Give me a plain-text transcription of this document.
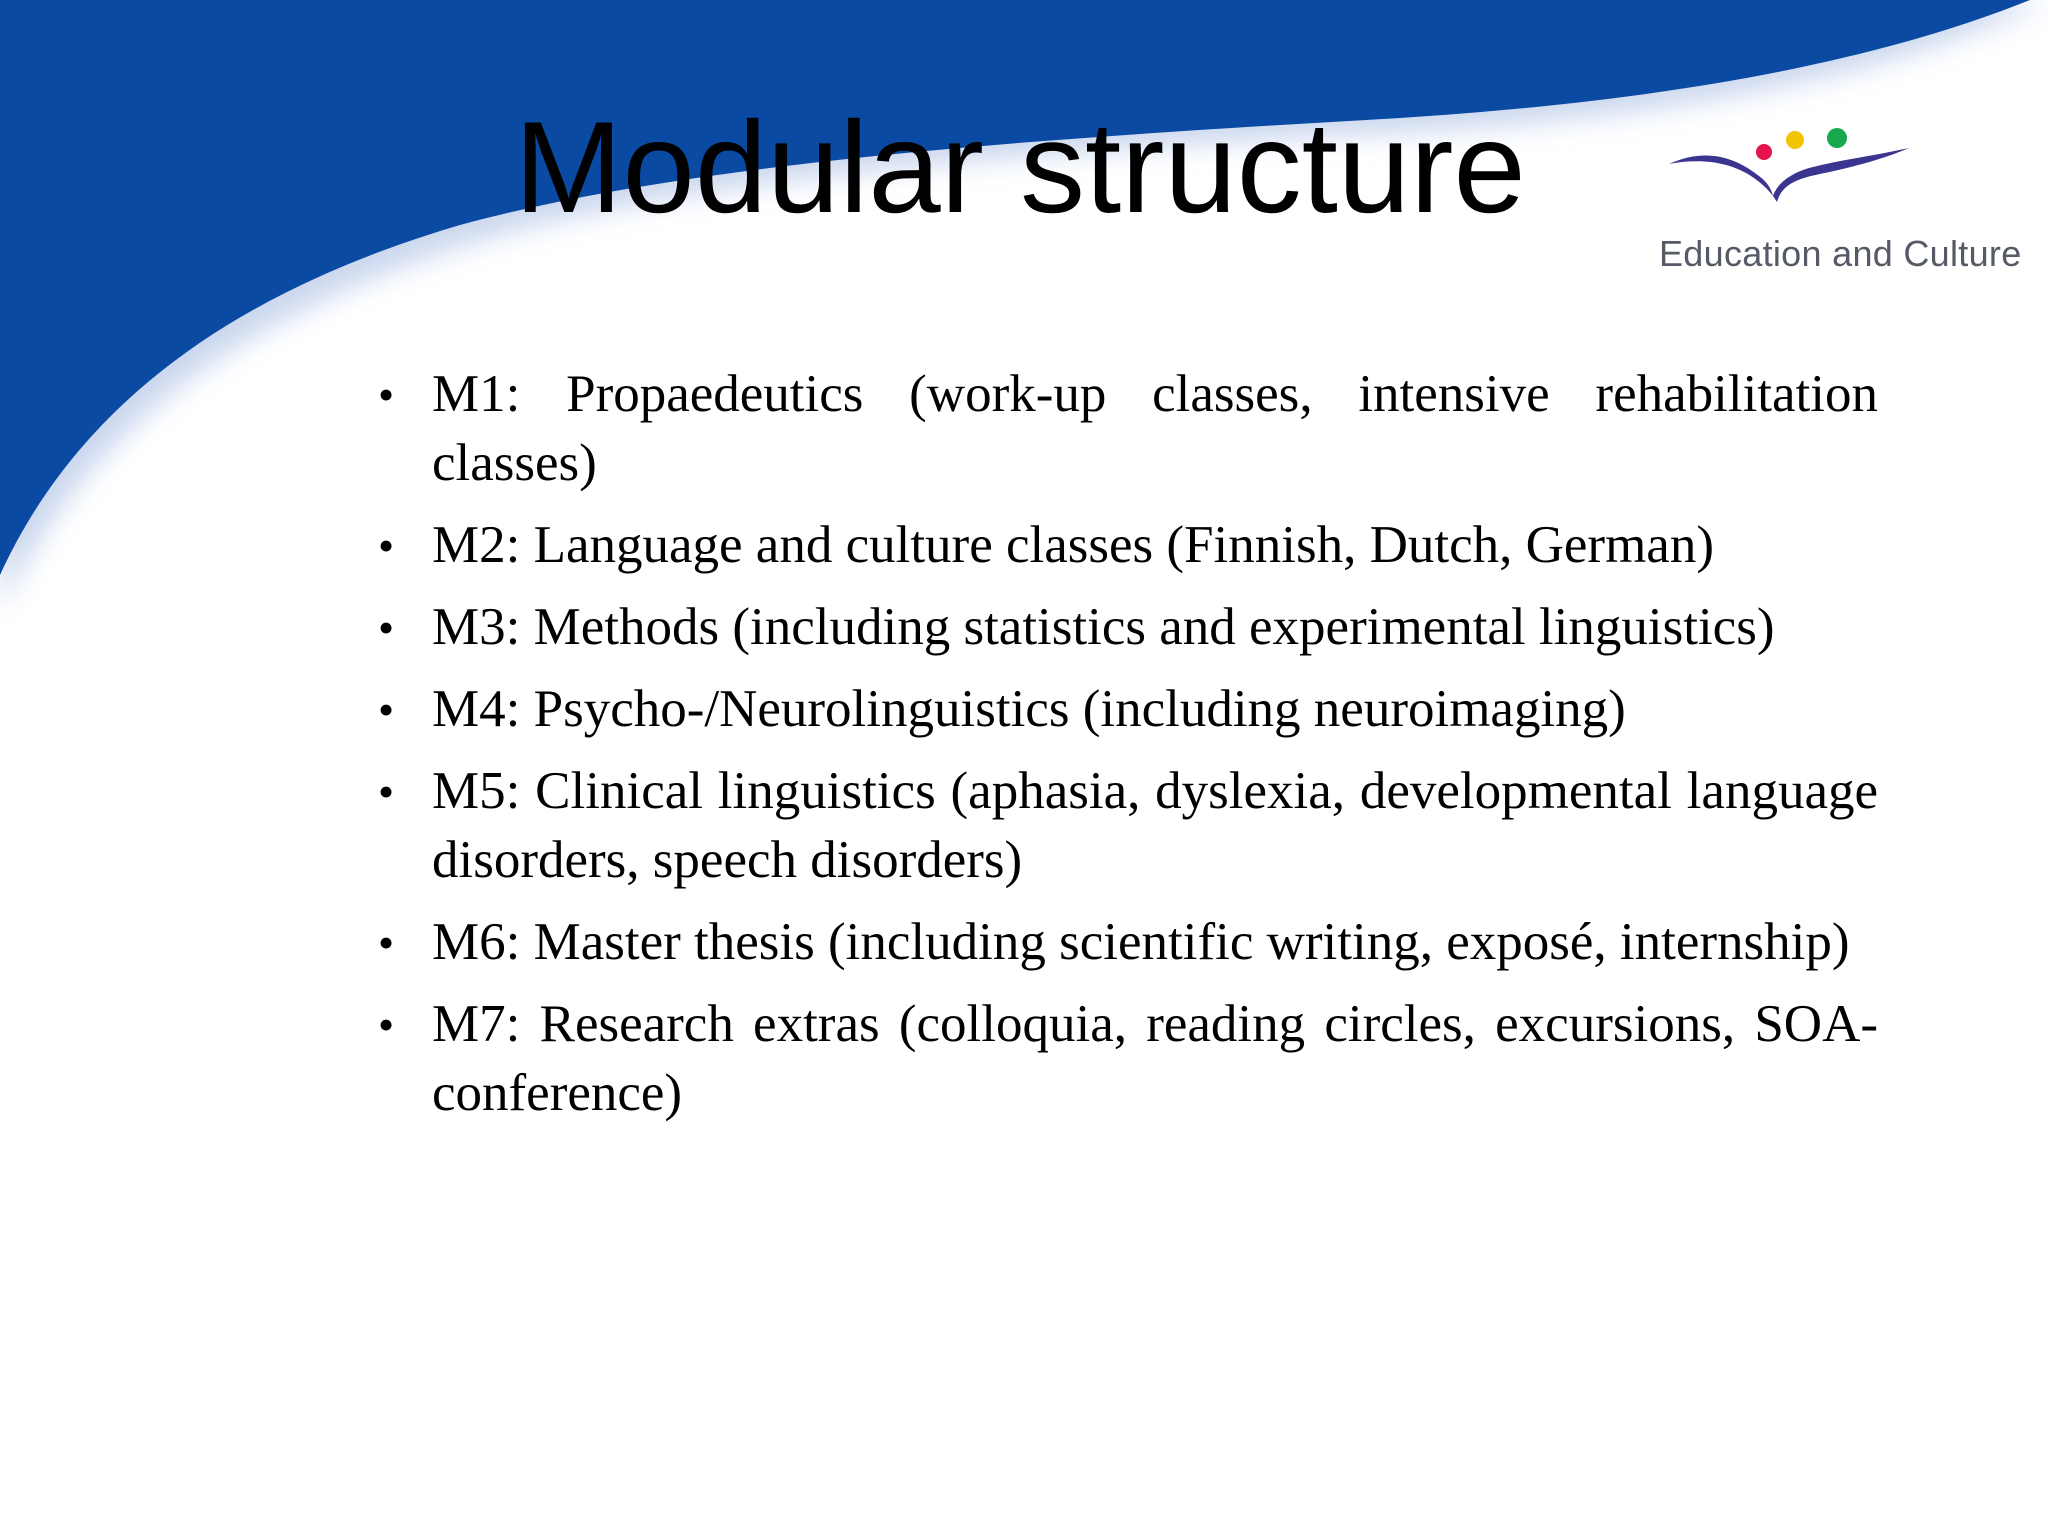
Modular structure
Education and Culture
• M1: Propaedeutics (work-up classes, intensive rehabilitation classes)
• M2: Language and culture classes (Finnish, Dutch, German)
• M3: Methods (including statistics and experimental linguistics)
• M4: Psycho-/Neurolinguistics (including neuroimaging)
• M5: Clinical linguistics (aphasia, dyslexia, developmental language disorders, speech disorders)
• M6: Master thesis (including scientific writing, exposé, internship)
• M7: Research extras (colloquia, reading circles, excursions, SOA-conference)
